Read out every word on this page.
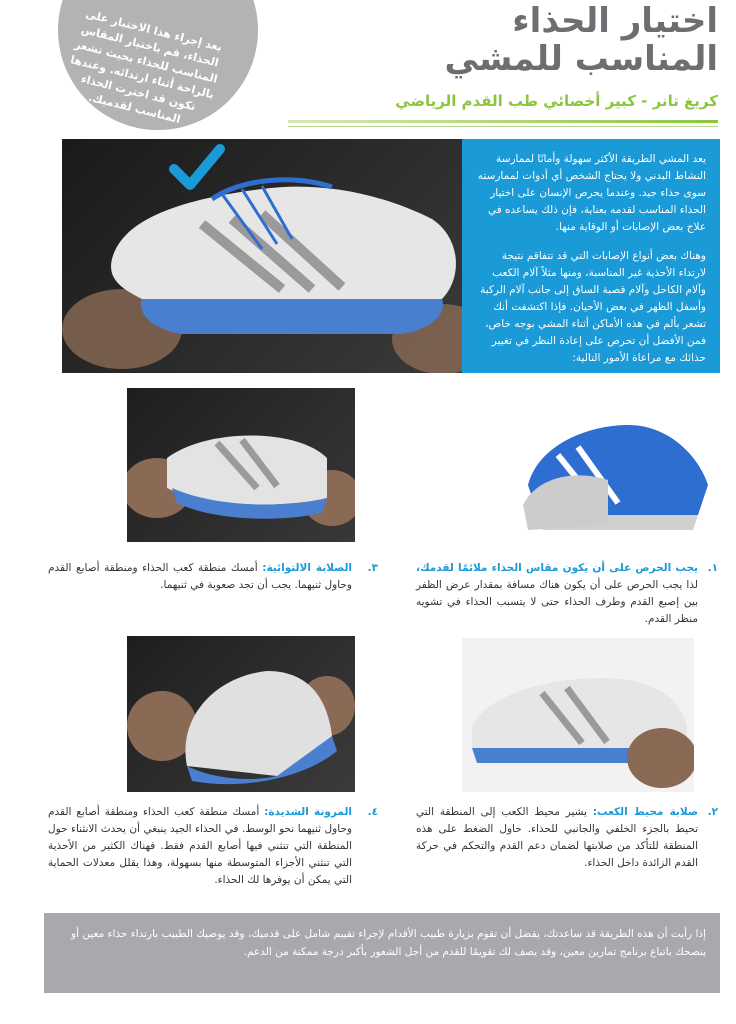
بعد إجراء هذا الاختبار على الحذاء، قم باختيار المقاس المناسب للحذاء بحيث تشعر بالراحة أثناء ارتدائه. وعندها تكون قد اخترت الحذاء المناسب لقدميك.
اختيار الحذاء
المناسب للمشي
كريغ تانر - كبير أخصائي طب القدم الرياضي

يعد المشي الطريقة الأكثر سهولة وأمانًا لممارسة النشاط البدني ولا يحتاج الشخص أي أدوات لممارسته سوى حذاء جيد. وعندما يحرص الإنسان على اختيار الحذاء المناسب لقدمه بعناية، فإن ذلك يساعده في علاج بعض الإصابات أو الوقاية منها.

وهناك بعض أنواع الإصابات التي قد تتفاقم نتيجة لارتداء الأحذية غير المناسبة، ومنها مثلاً آلام الكعب وآلام الكاحل وآلام قصبة الساق إلى جانب آلام الركبة وأسفل الظهر في بعض الأحيان. فإذا اكتشفت أنك تشعر بألم في هذه الأماكن أثناء المشي بوجه خاص، فمن الأفضل أن تحرص على إعادة النظر في تغيير حذائك مع مراعاة الأمور التالية:

١.
يجب الحرص على أن يكون مقاس الحذاء ملائمًا لقدمك، لذا يجب الحرص على أن يكون هناك مسافة بمقدار عرض الظفر بين إصبع القدم وطرف الحذاء حتى لا يتسبب الحذاء في تشويه منظر القدم.
٣.
الصلابة الالتوائية: أمسك منطقة كعب الحذاء ومنطقة أصابع القدم وحاول ثنيهما. يجب أن تجد صعوبة في ثنيهما.
٢.
صلابة محيط الكعب: يشير محيط الكعب إلى المنطقة التي تحيط بالجزء الخلفي والجانبي للحذاء. حاول الضغط على هذه المنطقة للتأكد من صلابتها لضمان دعم القدم والتحكم في حركة القدم الزائدة داخل الحذاء.
٤.
المرونة الشديدة: أمسك منطقة كعب الحذاء ومنطقة أصابع القدم وحاول ثنيهما نحو الوسط. في الحذاء الجيد ينبغي أن يحدث الانثناء حول المنطقة التي تنثني فيها أصابع القدم فقط. فهناك الكثير من الأحذية التي تنثني الأجزاء المتوسطة منها بسهولة، وهذا يقلل معدلات الحماية التي يمكن أن يوفرها لك الحذاء.
إذا رأيت أن هذه الطريقة قد ساعدتك، يفضل أن تقوم بزيارة طبيب الأقدام لإجراء تقييم شامل على قدميك، وقد يوصيك الطبيب بارتداء حذاء معين أو ينصحك باتباع برنامج تمارين معين، وقد يصف لك تقويمًا للقدم من أجل الشعور بأكبر درجة ممكنة من الدعم.
